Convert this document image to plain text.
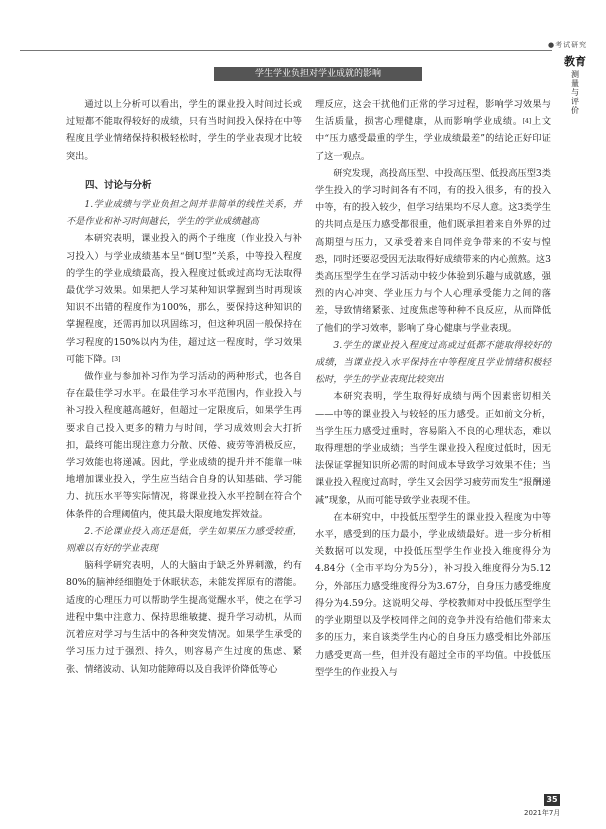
●考试研究
教育
测量与评价
学生学业负担对学业成就的影响

通过以上分析可以看出，学生的课业投入时间过长或过短都不能取得较好的成绩，只有当时间投入保持在中等程度且学业情绪保持积极轻松时，学生的学业表现才比较突出。

四、讨论与分析

1.学业成绩与学业负担之间并非简单的线性关系，并不是作业和补习时间越长，学生的学业成绩越高

本研究表明，课业投入的两个子维度（作业投入与补习投入）与学业成绩基本呈“倒U型”关系，中等投入程度的学生的学业成绩最高，投入程度过低或过高均无法取得最优学习效果。如果把人学习某种知识掌握到当时再现该知识不出错的程度作为100%，那么，要保持这种知识的掌握程度，还需再加以巩固练习，但这种巩固一般保持在学习程度的150%以内为佳，超过这一程度时，学习效果可能下降。[3]

做作业与参加补习作为学习活动的两种形式，也各自存在最佳学习水平。在最佳学习水平范围内，作业投入与补习投入程度越高越好，但超过一定限度后，如果学生再要求自己投入更多的精力与时间，学习成效则会大打折扣，最终可能出现注意力分散、厌倦、疲劳等消极反应，学习效能也将递减。因此，学业成绩的提升并不能靠一味地增加课业投入，学生应当结合自身的认知基础、学习能力、抗压水平等实际情况，将课业投入水平控制在符合个体条件的合理阈值内，使其最大限度地发挥效益。

2.不论课业投入高还是低，学生如果压力感受较重，则难以有好的学业表现

脑科学研究表明，人的大脑由于缺乏外界刺激，约有80%的脑神经细胞处于休眠状态，未能发挥原有的潜能。适度的心理压力可以帮助学生提高觉醒水平，使之在学习进程中集中注意力、保持思维敏捷、提升学习动机，从而沉着应对学习与生活中的各种突发情况。如果学生承受的学习压力过于强烈、持久，则容易产生过度的焦虑、紧张、情绪波动、认知功能障碍以及自我评价降低等心

理反应，这会干扰他们正常的学习过程，影响学习效果与生活质量，损害心理健康，从而影响学业成绩。[4]上文中“压力感受最重的学生，学业成绩最差”的结论正好印证了这一观点。

研究发现，高投高压型、中投高压型、低投高压型3类学生投入的学习时间各有不同，有的投入很多，有的投入中等，有的投入较少，但学习结果均不尽人意。这3类学生的共同点是压力感受都很重，他们既承担着来自外界的过高期望与压力，又承受着来自同伴竞争带来的不安与惶恐，同时还要忍受因无法取得好成绩带来的内心煎熬。这3类高压型学生在学习活动中较少体验到乐趣与成就感，强烈的内心冲突、学业压力与个人心理承受能力之间的落差，导致情绪紧张、过度焦虑等种种不良反应，从而降低了他们的学习效率，影响了身心健康与学业表现。

3.学生的课业投入程度过高或过低都不能取得较好的成绩，当课业投入水平保持在中等程度且学业情绪积极轻松时，学生的学业表现比较突出

本研究表明，学生取得好成绩与两个因素密切相关——中等的课业投入与较轻的压力感受。正如前文分析，当学生压力感受过重时，容易陷入不良的心理状态，难以取得理想的学业成绩；当学生课业投入程度过低时，因无法保证掌握知识所必需的时间成本导致学习效果不佳；当课业投入程度过高时，学生又会因学习疲劳而发生“报酬递减”现象，从而可能导致学业表现不佳。

在本研究中，中投低压型学生的课业投入程度为中等水平，感受到的压力最小，学业成绩最好。进一步分析相关数据可以发现，中投低压型学生作业投入维度得分为4.84分（全市平均分为5分），补习投入维度得分为5.12分，外部压力感受维度得分为3.67分，自身压力感受维度得分为4.59分。这说明父母、学校教师对中投低压型学生的学业期望以及学校同伴之间的竞争并没有给他们带来太多的压力，来自该类学生内心的自身压力感受相比外部压力感受更高一些，但并没有超过全市的平均值。中投低压型学生的作业投入与

35
2021年7月
